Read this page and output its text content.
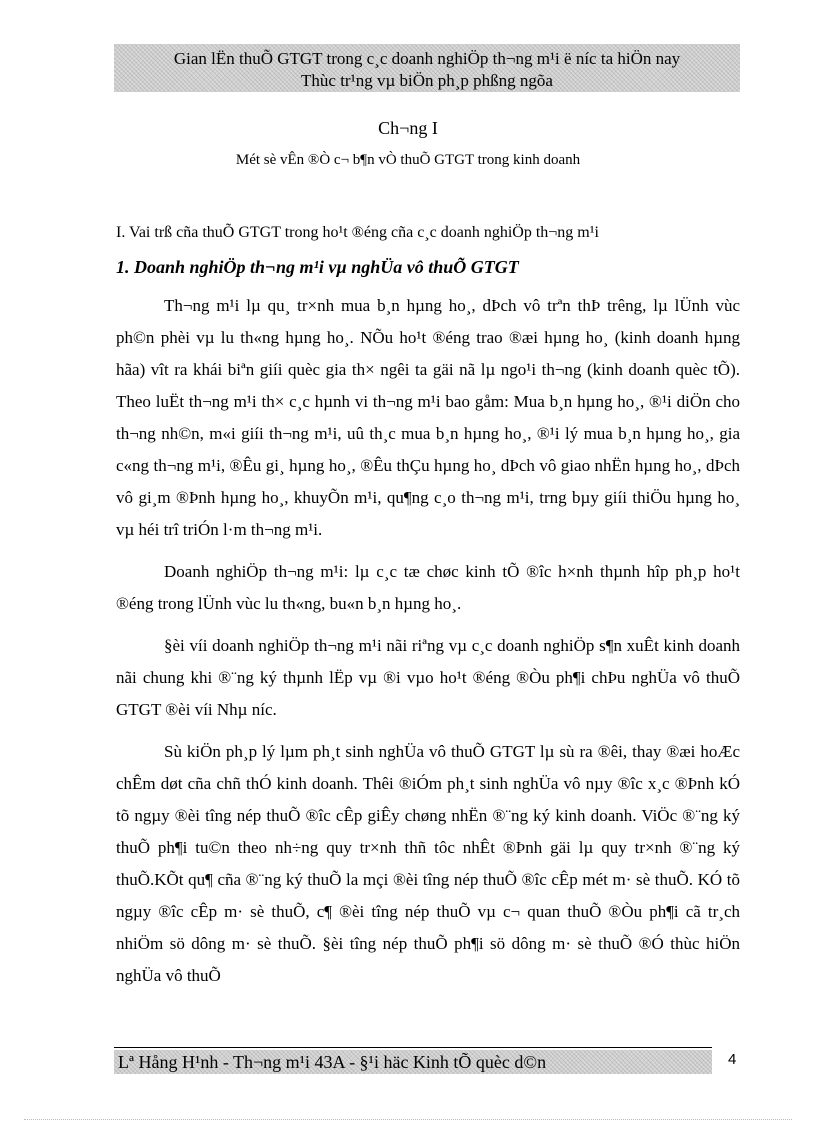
Gian lËn thuÕ GTGT trong c¸c doanh nghiÖp th¬ng m¹i ë níc ta hiÖn nay
Thùc tr¹ng vµ biÖn ph¸p phßng ngõa
Ch¬ng I
Mét sè vÊn ®Ò c¬ b¶n vÒ thuÕ GTGT trong kinh doanh
I. Vai trß cña thuÕ GTGT trong ho¹t ®éng cña c¸c doanh nghiÖp th¬ng m¹i
1. Doanh nghiÖp th¬ng m¹i vµ nghÜa vô thuÕ GTGT

Th¬ng m¹i lµ qu¸ tr×nh mua b¸n hµng ho¸, dÞch vô trªn thÞ trêng, lµ lÜnh vùc ph©n phèi vµ lu th«ng hµng ho¸. NÕu ho¹t ®éng trao ®æi hµng ho¸ (kinh doanh hµng hãa) vît ra khái biªn giíi quèc gia th× ngêi ta gäi nã lµ ngo¹i th¬ng (kinh doanh quèc tÕ). Theo luËt th¬ng m¹i th× c¸c hµnh vi th¬ng m¹i bao gåm: Mua b¸n hµng ho¸, ®¹i diÖn cho th¬ng nh©n, m«i giíi th¬ng m¹i, uû th¸c mua b¸n hµng ho¸, ®¹i lý mua b¸n hµng ho¸, gia c«ng th¬ng m¹i, ®Êu gi¸ hµng ho¸, ®Êu thÇu hµng ho¸ dÞch vô giao nhËn hµng ho¸, dÞch vô gi¸m ®Þnh hµng ho¸, khuyÕn m¹i, qu¶ng c¸o th¬ng m¹i, trng bµy giíi thiÖu hµng ho¸ vµ héi trî triÓn l·m th¬ng m¹i.

Doanh nghiÖp th¬ng m¹i: lµ c¸c tæ chøc kinh tÕ ®îc h×nh thµnh hîp ph¸p ho¹t ®éng trong lÜnh vùc lu th«ng, bu«n b¸n hµng ho¸.

§èi víi doanh nghiÖp th¬ng m¹i nãi riªng vµ c¸c doanh nghiÖp s¶n xuÊt kinh doanh nãi chung khi ®¨ng ký thµnh lËp vµ ®i vµo ho¹t ®éng ®Òu ph¶i chÞu nghÜa vô thuÕ GTGT ®èi víi Nhµ níc.

Sù kiÖn ph¸p lý lµm ph¸t sinh nghÜa vô thuÕ GTGT lµ sù ra ®êi, thay ®æi hoÆc chÊm døt cña chñ thÓ kinh doanh. Thêi ®iÓm ph¸t sinh nghÜa vô nµy ®îc x¸c ®Þnh kÓ tõ ngµy ®èi tîng nép thuÕ ®îc cÊp giÊy chøng nhËn ®¨ng ký kinh doanh. ViÖc ®¨ng ký thuÕ ph¶i tu©n theo nh÷ng quy tr×nh thñ tôc nhÊt ®Þnh gäi lµ quy tr×nh ®¨ng ký thuÕ.KÕt qu¶ cña ®¨ng ký thuÕ la mçi ®èi tîng nép thuÕ ®îc cÊp mét m· sè thuÕ. KÓ tõ ngµy ®îc cÊp m· sè thuÕ, c¶ ®èi tîng nép thuÕ vµ c¬ quan thuÕ ®Òu ph¶i cã tr¸ch nhiÖm sö dông m· sè thuÕ. §èi tîng nép thuÕ ph¶i sö dông m· sè thuÕ ®Ó thùc hiÖn nghÜa vô thuÕ

Lª Hång H¹nh - Th¬ng m¹i 43A - §¹i häc Kinh tÕ quèc d©n	4
